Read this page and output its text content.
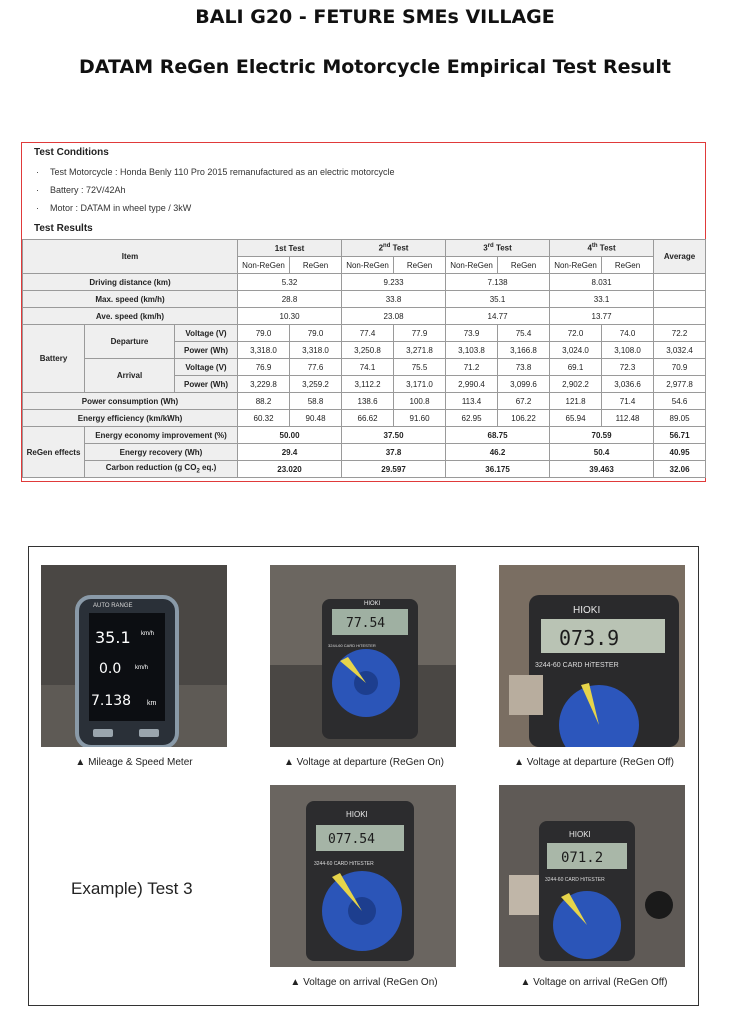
BALI G20 - FETURE SMEs VILLAGE
DATAM ReGen Electric Motorcycle Empirical Test Result
Test Conditions
· Test Motorcycle : Honda Benly 110 Pro 2015 remanufactured as an electric motorcycle
· Battery : 72V/42Ah
· Motor : DATAM in wheel type / 3kW
Test Results
Item			1st Test		2nd Test		3rd Test		4th Test		Average
			Non-ReGen	ReGen	Non-ReGen	ReGen	Non-ReGen	ReGen	Non-ReGen	ReGen	
Driving distance (km)			5.32		9.233		7.138		8.031		
Max. speed (km/h)			28.8		33.8		35.1		33.1		
Ave. speed (km/h)			10.30		23.08		14.77		13.77		
Battery	Departure	Voltage (V)	79.0	79.0	77.4	77.9	73.9	75.4	72.0	74.0	72.2
		Power (Wh)	3,318.0	3,318.0	3,250.8	3,271.8	3,103.8	3,166.8	3,024.0	3,108.0	3,032.4
	Arrival	Voltage (V)	76.9	77.6	74.1	75.5	71.2	73.8	69.1	72.3	70.9
		Power (Wh)	3,229.8	3,259.2	3,112.2	3,171.0	2,990.4	3,099.6	2,902.2	3,036.6	2,977.8
Power consumption (Wh)			88.2	58.8	138.6	100.8	113.4	67.2	121.8	71.4	54.6
Energy efficiency (km/kWh)			60.32	90.48	66.62	91.60	62.95	106.22	65.94	112.48	89.05
ReGen effects	Energy economy improvement (%)		50.00		37.50		68.75		70.59		56.71
	Energy recovery (Wh)		29.4		37.8		46.2		50.4		40.95
	Carbon reduction (g $CO_2$ eq.)		23.020		29.597		36.175		39.463		32.06
AUTO RANGE
35.1 km/h
0.0 km/h
7.138 km
▲ Mileage & Speed Meter
77.54
HIOKI
3244-60 CARD HiTESTER
▲ Voltage at departure (ReGen On)
073.9
HIOKI
3244-60 CARD HiTESTER
▲ Voltage at departure (ReGen Off)
Example) Test 3
077.54
HIOKI
3244-60 CARD HiTESTER
▲ Voltage on arrival (ReGen On)
071.2
HIOKI
3244-60 CARD HiTESTER
▲ Voltage on arrival (ReGen Off)
